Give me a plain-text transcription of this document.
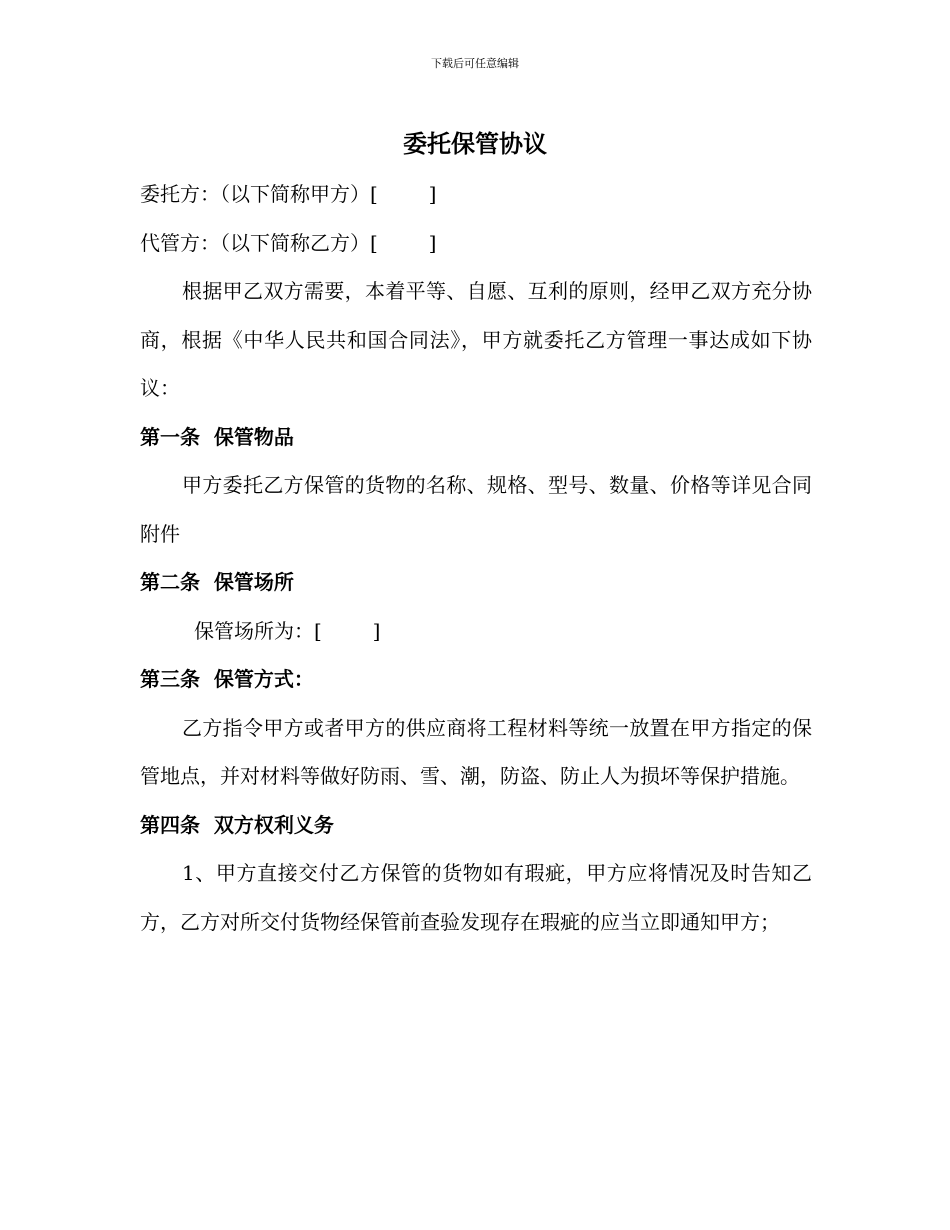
下载后可任意编辑
委托保管协议
委托方：（以下简称甲方）[        ]
代管方：（以下简称乙方）[        ]

根据甲乙双方需要，本着平等、自愿、互利的原则，经甲乙双方充分协商，根据《中华人民共和国合同法》，甲方就委托乙方管理一事达成如下协议：

第一条  保管物品

甲方委托乙方保管的货物的名称、规格、型号、数量、价格等详见合同附件

第二条  保管场所
保管场所为：[        ]
第三条  保管方式：

乙方指令甲方或者甲方的供应商将工程材料等统一放置在甲方指定的保管地点，并对材料等做好防雨、雪、潮，防盗、防止人为损坏等保护措施。

第四条  双方权利义务

1、甲方直接交付乙方保管的货物如有瑕疵，甲方应将情况及时告知乙方，乙方对所交付货物经保管前查验发现存在瑕疵的应当立即通知甲方；
